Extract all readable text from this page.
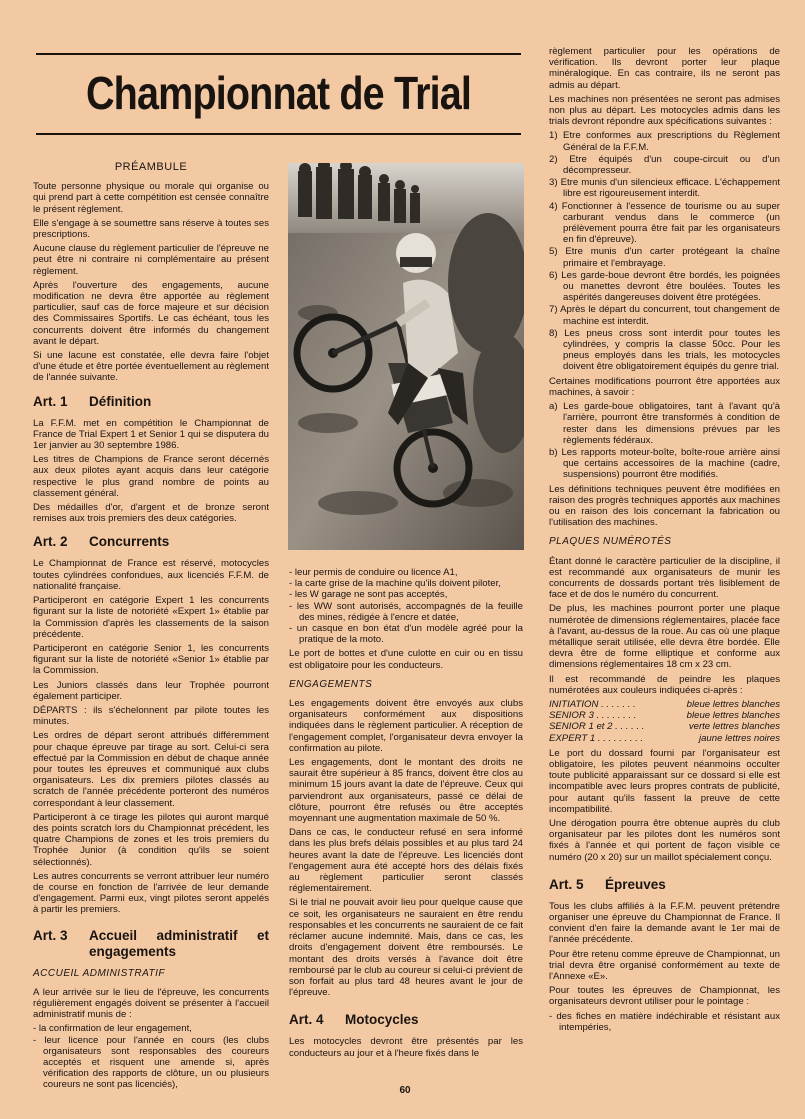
Championnat de Trial

PRÉAMBULE

Toute personne physique ou morale qui organise ou qui prend part à cette compétition est censée connaître le présent règlement.

Elle s'engage à se soumettre sans réserve à toutes ses prescriptions.

Aucune clause du règlement particulier de l'épreuve ne peut être ni contraire ni complémentaire au présent règlement.

Après l'ouverture des engagements, aucune modification ne devra être apportée au règlement particulier, sauf cas de force majeure et sur décision des Commissaires Sportifs. Le cas échéant, tous les concurrents doivent être informés du changement avant le départ.

Si une lacune est constatée, elle devra faire l'objet d'une étude et être portée éventuellement au règlement de l'année suivante.

Art. 1	Définition

La F.F.M. met en compétition le Championnat de France de Trial Expert 1 et Senior 1 qui se disputera du 1er janvier au 30 septembre 1986.

Les titres de Champions de France seront décernés aux deux pilotes ayant acquis dans leur catégorie respective le plus grand nombre de points au classement général.

Des médailles d'or, d'argent et de bronze seront remises aux trois premiers des deux catégories.

Art. 2	Concurrents

Le Championnat de France est réservé, motocycles toutes cylindrées confondues, aux licenciés F.F.M. de nationalité française.

Participeront en catégorie Expert 1 les concurrents figurant sur la liste de notoriété «Expert 1» établie par la Commission d'après les classements de la saison précédente.

Participeront en catégorie Senior 1, les concurrents figurant sur la liste de notoriété «Senior 1» établie par la Commission.

Les Juniors classés dans leur Trophée pourront également participer.

DÉPARTS : ils s'échelonnent par pilote toutes les minutes.

Les ordres de départ seront attribués différemment pour chaque épreuve par tirage au sort. Celui-ci sera effectué par la Commission en début de chaque année pour toutes les épreuves et communiqué aux clubs organisateurs. Les dix premiers pilotes classés au scratch de l'année précédente porteront des numéros correspondant à leur classement.

Participeront à ce tirage les pilotes qui auront marqué des points scratch lors du Championnat précédent, les quatre Champions de zones et les trois premiers du Trophée Junior (à condition qu'ils se soient sélectionnés).

Les autres concurrents se verront attribuer leur numéro de course en fonction de l'arrivée de leur demande d'engagement. Parmi eux, vingt pilotes seront appelés à partir les premiers.

Art. 3	Accueil administratif et engagements

ACCUEIL ADMINISTRATIF

A leur arrivée sur le lieu de l'épreuve, les concurrents régulièrement engagés doivent se présenter à l'accueil administratif munis de :

- la confirmation de leur engagement,
- leur licence pour l'année en cours (les clubs organisateurs sont responsables des coureurs acceptés et risquent une amende si, après vérification des rapports de clôture, un ou plusieurs coureurs ne sont pas licenciés),
- leur permis de conduire ou licence A1,
- la carte grise de la machine qu'ils doivent piloter,
- les W garage ne sont pas acceptés,
- les WW sont autorisés, accompagnés de la feuille des mines, rédigée à l'encre et datée,
- un casque en bon état d'un modèle agréé pour la pratique de la moto.

Le port de bottes et d'une culotte en cuir ou en tissu est obligatoire pour les conducteurs.

ENGAGEMENTS

Les engagements doivent être envoyés aux clubs organisateurs conformément aux dispositions indiquées dans le règlement particulier. A réception de l'engagement complet, l'organisateur devra envoyer la confirmation au pilote.

Les engagements, dont le montant des droits ne saurait être supérieur à 85 francs, doivent être clos au minimum 15 jours avant la date de l'épreuve. Ceux qui parviendront aux organisateurs, passé ce délai de clôture, pourront être refusés ou être acceptés moyennant une augmentation maximale de 50 %.

Dans ce cas, le conducteur refusé en sera informé dans les plus brefs délais possibles et au plus tard 24 heures avant la date de l'épreuve. Les licenciés dont l'engagement aura été accepté hors des délais fixés au règlement particulier seront classés réglementairement.

Si le trial ne pouvait avoir lieu pour quelque cause que ce soit, les organisateurs ne sauraient en être rendu responsables et les concurrents ne sauraient de ce fait réclamer aucune indemnité. Mais, dans ce cas, les droits d'engagement doivent être remboursés. Le montant des droits versés à l'avance doit être remboursé par le club au coureur si celui-ci prévient de son forfait au plus tard 48 heures avant le jour de l'épreuve.

Art. 4	Motocycles

Les motocycles devront être présentés par les conducteurs au jour et à l'heure fixés dans le

règlement particulier pour les opérations de vérification. Ils devront porter leur plaque minéralogique. En cas contraire, ils ne seront pas admis au départ.

Les machines non présentées ne seront pas admises non plus au départ. Les motocycles admis dans les trials devront répondre aux spécifications suivantes :

1) Etre conformes aux prescriptions du Règlement Général de la F.F.M.
2) Etre équipés d'un coupe-circuit ou d'un décompresseur.
3) Etre munis d'un silencieux efficace. L'échappement libre est rigoureusement interdit.
4) Fonctionner à l'essence de tourisme ou au super carburant vendus dans le commerce (un prélèvement pourra être fait par les organisateurs en fin d'épreuve).
5) Etre munis d'un carter protégeant la chaîne primaire et l'embrayage.
6) Les garde-boue devront être bordés, les poignées ou manettes devront être boulées. Toutes les aspérités dangereuses doivent être protégées.
7) Après le départ du concurrent, tout changement de machine est interdit.
8) Les pneus cross sont interdit pour toutes les cylindrées, y compris la classe 50cc. Pour les pneus employés dans les trials, les motocycles doivent être obligatoirement équipés du genre trial.

Certaines modifications pourront être apportées aux machines, à savoir :

a) Les garde-boue obligatoires, tant à l'avant qu'à l'arrière, pourront être transformés à condition de rester dans les dimensions prévues par les règlements fédéraux.
b) Les rapports moteur-boîte, boîte-roue arrière ainsi que certains accessoires de la machine (cadre, suspensions) pourront être modifiés.

Les définitions techniques peuvent être modifiées en raison des progrès techniques apportés aux machines ou en raison des lois concernant la fabrication ou l'utilisation des machines.

PLAQUES NUMÉROTÉS

Étant donné le caractère particulier de la discipline, il est recommandé aux organisateurs de munir les concurrents de dossards portant très lisiblement de face et de dos le numéro du concurrent.

De plus, les machines pourront porter une plaque numérotée de dimensions réglementaires, placée face à l'avant, au-dessus de la roue. Au cas où une plaque métallique serait utilisée, elle devra être bordée. Elle devra être de forme elliptique et conforme aux dimensions réglementaires 18 cm x 23 cm.

Il est recommandé de peindre les plaques numérotées aux couleurs indiquées ci-après :

INITIATION . . . . . . .	bleue lettres blanches
SENIOR 3 . . . . . . . .	bleue lettres blanches
SENIOR 1 et 2 . . . . . .	verte lettres blanches
EXPERT 1 . . . . . . . . .	jaune lettres noires

Le port du dossard fourni par l'organisateur est obligatoire, les pilotes peuvent néanmoins occulter toute publicité apparaissant sur ce dossard si elle est incompatible avec leurs propres contrats de publicité, pour autant qu'ils fassent la preuve de cette incompatibilité.

Une dérogation pourra être obtenue auprès du club organisateur par les pilotes dont les numéros sont fixés à l'année et qui portent de façon visible ce numéro (20 x 20) sur un maillot spécialement conçu.

Art. 5	Épreuves

Tous les clubs affiliés à la F.F.M. peuvent prétendre organiser une épreuve du Championnat de France. Il convient d'en faire la demande avant le 1er mai de l'année précédente.

Pour être retenu comme épreuve de Championnat, un trial devra être organisé conformément au texte de l'Annexe «E».

Pour toutes les épreuves de Championnat, les organisateurs devront utiliser pour le pointage :

- des fiches en matière indéchirable et résistant aux intempéries,
60
